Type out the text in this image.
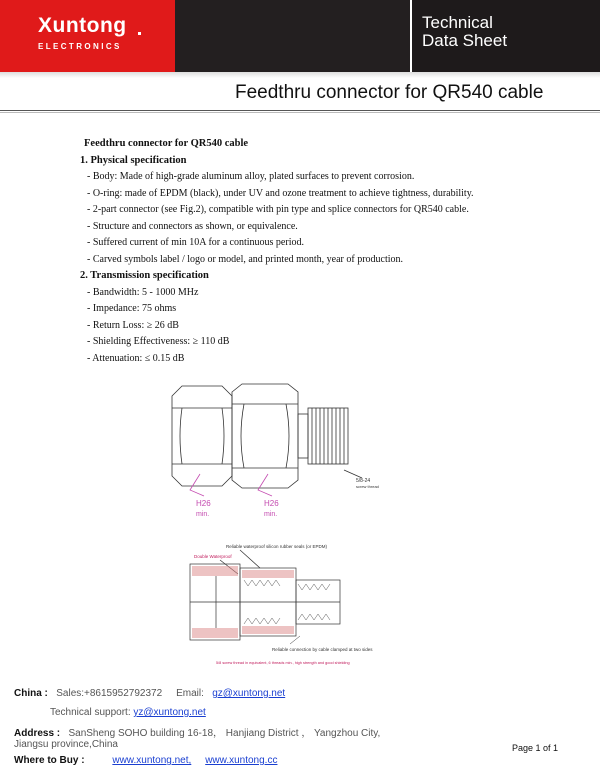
Xuntong
ELECTRONICS
Technical
Data Sheet
Feedthru connector for QR540 cable
Feedthru connector for QR540 cable
1. Physical specification
- Body: Made of high-grade aluminum alloy, plated surfaces to prevent corrosion.
- O-ring: made of EPDM (black), under UV and ozone treatment to achieve tightness, durability.
- 2-part connector (see Fig.2), compatible with pin type and splice connectors for QR540 cable.
- Structure and connectors as shown, or equivalence.
- Suffered current of min 10A for a continuous period.
- Carved symbols label / logo or model, and printed month, year of production.
2. Transmission specification
- Bandwidth: 5 - 1000 MHz
- Impedance: 75 ohms
- Return Loss: ≥ 26 dB
- Shielding Effectiveness: ≥ 110 dB
- Attenuation: ≤ 0.15 dB
H26
min.
H26
min.
5/8-24
screw thread
Reliable waterproof silicon rubber seals (or EPDM)
Double Waterproof
Reliable connection by cable clamped at two sides
5/8 screw thread in equivalent, 6 threads min., high strength and good shielding
China : Sales:+8615952792372 Email: gz@xuntong.net
Technical support: yz@xuntong.net
Address : SanSheng SOHO building 16-18， Hanjiang District ， Yangzhou City,
Jiangsu province,China
Where to Buy :	www.xuntong.net, www.xuntong.cc
Page 1 of 1
